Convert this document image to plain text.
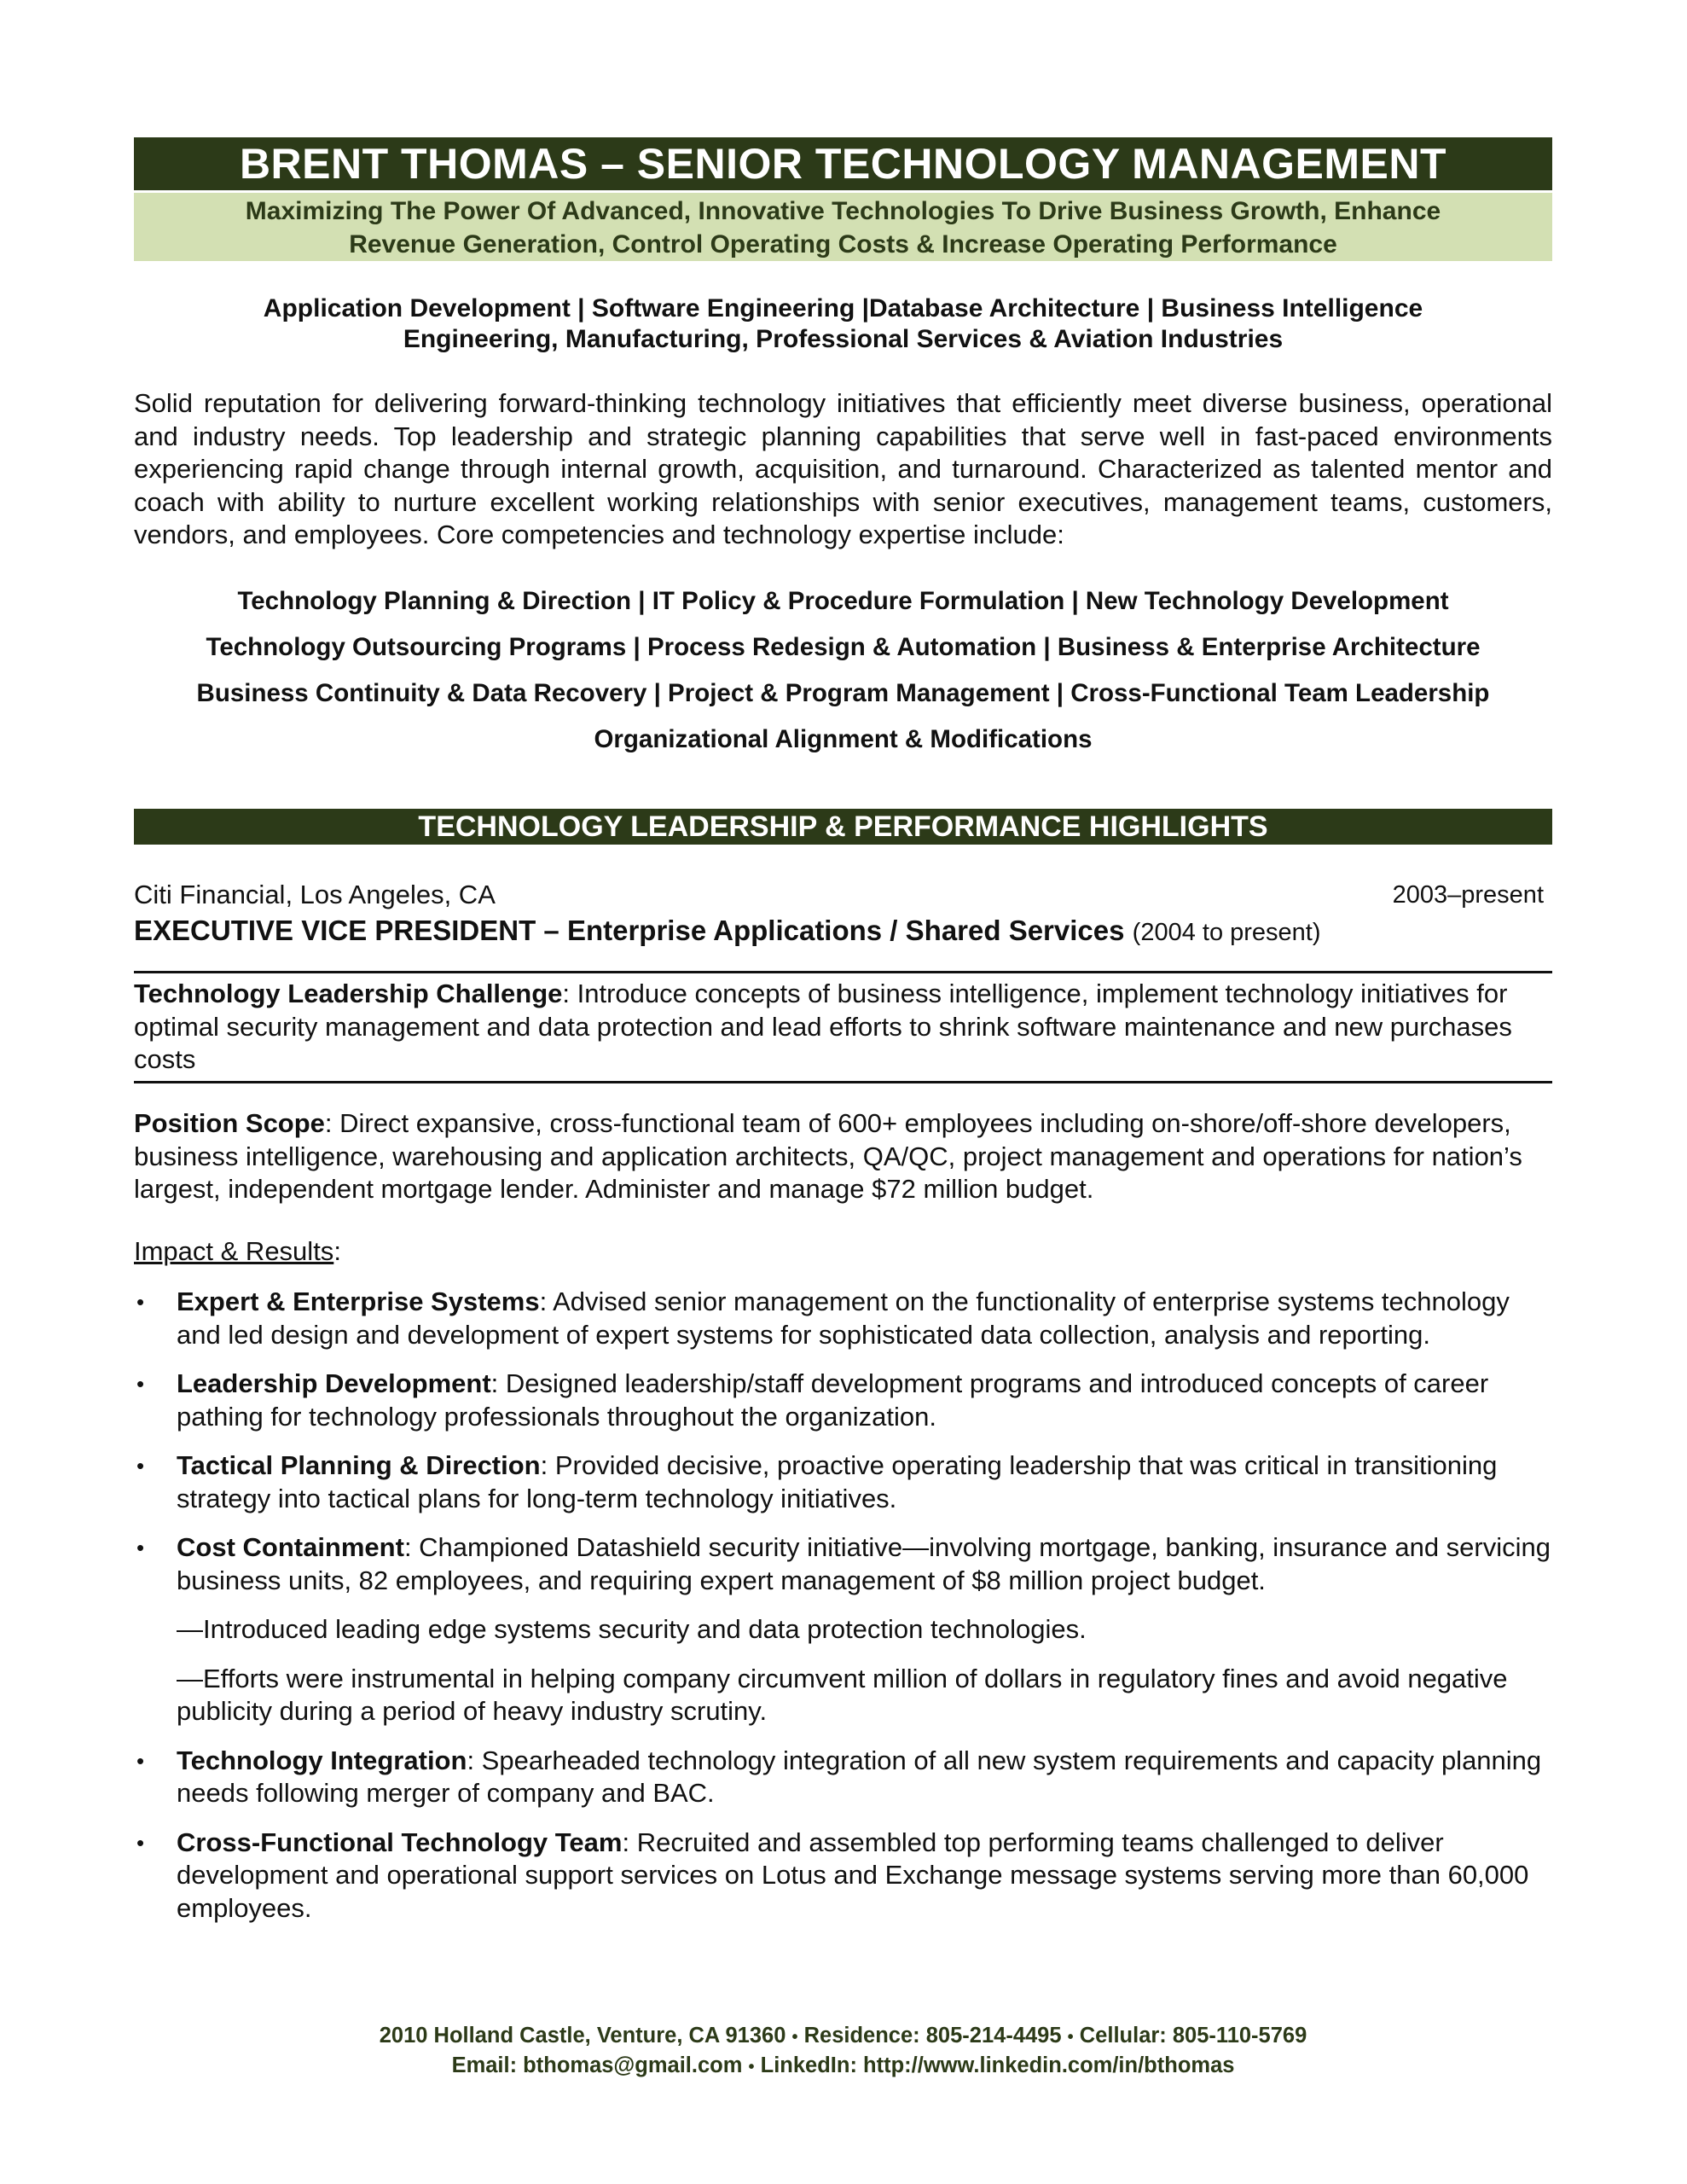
BRENT THOMAS – SENIOR TECHNOLOGY MANAGEMENT
Maximizing The Power Of Advanced, Innovative Technologies To Drive Business Growth, Enhance
Revenue Generation, Control Operating Costs & Increase Operating Performance
Application Development | Software Engineering |Database Architecture | Business Intelligence
Engineering, Manufacturing, Professional Services & Aviation Industries

Solid reputation for delivering forward-thinking technology initiatives that efficiently meet diverse business, operational and industry needs. Top leadership and strategic planning capabilities that serve well in fast-paced environments experiencing rapid change through internal growth, acquisition, and turnaround. Characterized as talented mentor and coach with ability to nurture excellent working relationships with senior executives, management teams, customers, vendors, and employees. Core competencies and technology expertise include:

Technology Planning & Direction | IT Policy & Procedure Formulation | New Technology Development
Technology Outsourcing Programs | Process Redesign & Automation | Business & Enterprise Architecture
Business Continuity & Data Recovery | Project & Program Management | Cross-Functional Team Leadership
Organizational Alignment & Modifications
TECHNOLOGY LEADERSHIP & PERFORMANCE HIGHLIGHTS
Citi Financial, Los Angeles, CA	2003–present
EXECUTIVE VICE PRESIDENT – Enterprise Applications / Shared Services (2004 to present)
Technology Leadership Challenge: Introduce concepts of business intelligence, implement technology initiatives for optimal security management and data protection and lead efforts to shrink software maintenance and new purchases costs
Position Scope: Direct expansive, cross-functional team of 600+ employees including on-shore/off-shore developers, business intelligence, warehousing and application architects, QA/QC, project management and operations for nation’s largest, independent mortgage lender. Administer and manage $72 million budget.
Impact & Results:
• Expert & Enterprise Systems: Advised senior management on the functionality of enterprise systems technology and led design and development of expert systems for sophisticated data collection, analysis and reporting.
• Leadership Development: Designed leadership/staff development programs and introduced concepts of career pathing for technology professionals throughout the organization.
• Tactical Planning & Direction: Provided decisive, proactive operating leadership that was critical in transitioning strategy into tactical plans for long-term technology initiatives.
• Cost Containment: Championed Datashield security initiative—involving mortgage, banking, insurance and servicing business units, 82 employees, and requiring expert management of $8 million project budget.
—Introduced leading edge systems security and data protection technologies.
—Efforts were instrumental in helping company circumvent million of dollars in regulatory fines and avoid negative publicity during a period of heavy industry scrutiny.
• Technology Integration: Spearheaded technology integration of all new system requirements and capacity planning needs following merger of company and BAC.
• Cross-Functional Technology Team: Recruited and assembled top performing teams challenged to deliver development and operational support services on Lotus and Exchange message systems serving more than 60,000 employees.
2010 Holland Castle, Venture, CA 91360 • Residence: 805-214-4495 • Cellular: 805-110-5769
Email: bthomas@gmail.com • LinkedIn: http://www.linkedin.com/in/bthomas
